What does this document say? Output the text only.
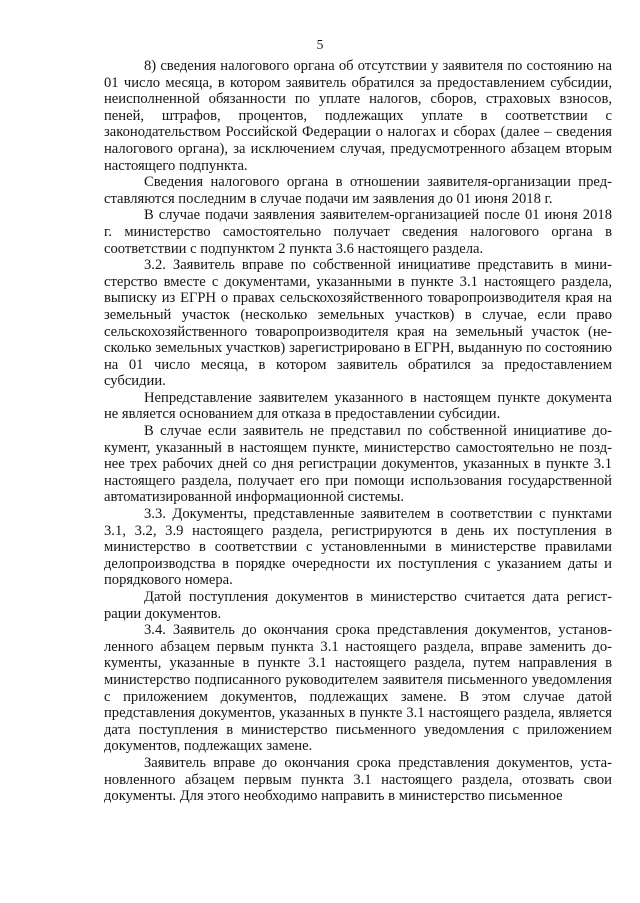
5

8) сведения налогового органа об отсутствии у заявителя по состоянию на 01 число месяца, в котором заявитель обратился за предоставлением субсидии, неисполненной обязанности по уплате налогов, сборов, страховых взносов, пеней, штрафов, процентов, подлежащих уплате в соответствии с законодательством Российской Федерации о налогах и сборах (далее – сведения налогового органа), за исключением случая, предусмотренного абзацем вторым настоящего подпункта.

Сведения налогового органа в отношении заявителя-организации представляются последним в случае подачи им заявления до 01 июня 2018 г.

В случае подачи заявления заявителем-организацией после 01 июня 2018 г. министерство самостоятельно получает сведения налогового органа в соответствии с подпунктом 2 пункта 3.6 настоящего раздела.

3.2. Заявитель вправе по собственной инициативе представить в министерство вместе с документами, указанными в пункте 3.1 настоящего раздела, выписку из ЕГРН о правах сельскохозяйственного товаропроизводителя края на земельный участок (несколько земельных участков) в случае, если право сельскохозяйственного товаропроизводителя края на земельный участок (несколько земельных участков) зарегистрировано в ЕГРН, выданную по состоянию на 01 число месяца, в котором заявитель обратился за предоставлением субсидии.

Непредставление заявителем указанного в настоящем пункте документа не является основанием для отказа в предоставлении субсидии.

В случае если заявитель не представил по собственной инициативе документ, указанный в настоящем пункте, министерство самостоятельно не позднее трех рабочих дней со дня регистрации документов, указанных в пункте 3.1 настоящего раздела, получает его при помощи использования государственной автоматизированной информационной системы.

3.3. Документы, представленные заявителем в соответствии с пунктами 3.1, 3.2, 3.9 настоящего раздела, регистрируются в день их поступления в министерство в соответствии с установленными в министерстве правилами делопроизводства в порядке очередности их поступления с указанием даты и порядкового номера.

Датой поступления документов в министерство считается дата регистрации документов.

3.4. Заявитель до окончания срока представления документов, установленного абзацем первым пункта 3.1 настоящего раздела, вправе заменить документы, указанные в пункте 3.1 настоящего раздела, путем направления в министерство подписанного руководителем заявителя письменного уведомления с приложением документов, подлежащих замене. В этом случае датой представления документов, указанных в пункте 3.1 настоящего раздела, является дата поступления в министерство письменного уведомления с приложением документов, подлежащих замене.

Заявитель вправе до окончания срока представления документов, установленного абзацем первым пункта 3.1 настоящего раздела, отозвать свои документы. Для этого необходимо направить в министерство письменное
